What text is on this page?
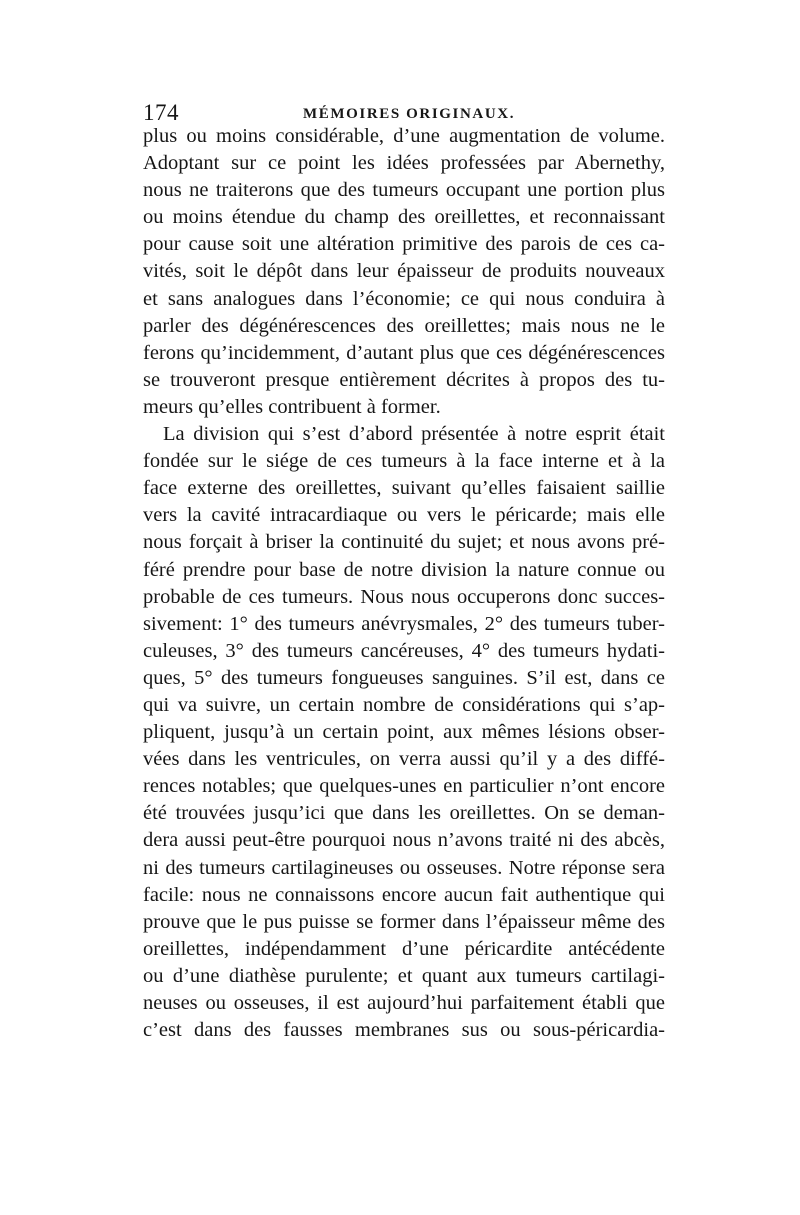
174	MÉMOIRES ORIGINAUX.
plus ou moins considérable, d’une augmentation de volume.
Adoptant sur ce point les idées professées par Abernethy,
nous ne traiterons que des tumeurs occupant une portion plus
ou moins étendue du champ des oreillettes, et reconnaissant
pour cause soit une altération primitive des parois de ces ca-
vités, soit le dépôt dans leur épaisseur de produits nouveaux
et sans analogues dans l’économie; ce qui nous conduira à
parler des dégénérescences des oreillettes; mais nous ne le
ferons qu’incidemment, d’autant plus que ces dégénérescences
se trouveront presque entièrement décrites à propos des tu-
meurs qu’elles contribuent à former.
La division qui s’est d’abord présentée à notre esprit était
fondée sur le siége de ces tumeurs à la face interne et à la
face externe des oreillettes, suivant qu’elles faisaient saillie
vers la cavité intracardiaque ou vers le péricarde; mais elle
nous forçait à briser la continuité du sujet; et nous avons pré-
féré prendre pour base de notre division la nature connue ou
probable de ces tumeurs. Nous nous occuperons donc succes-
sivement: 1° des tumeurs anévrysmales, 2° des tumeurs tuber-
culeuses, 3° des tumeurs cancéreuses, 4° des tumeurs hydati-
ques, 5° des tumeurs fongueuses sanguines. S’il est, dans ce
qui va suivre, un certain nombre de considérations qui s’ap-
pliquent, jusqu’à un certain point, aux mêmes lésions obser-
vées dans les ventricules, on verra aussi qu’il y a des diffé-
rences notables; que quelques-unes en particulier n’ont encore
été trouvées jusqu’ici que dans les oreillettes. On se deman-
dera aussi peut-être pourquoi nous n’avons traité ni des abcès,
ni des tumeurs cartilagineuses ou osseuses. Notre réponse sera
facile: nous ne connaissons encore aucun fait authentique qui
prouve que le pus puisse se former dans l’épaisseur même des
oreillettes, indépendamment d’une péricardite antécédente
ou d’une diathèse purulente; et quant aux tumeurs cartilagi-
neuses ou osseuses, il est aujourd’hui parfaitement établi que
c’est dans des fausses membranes sus ou sous-péricardia-
